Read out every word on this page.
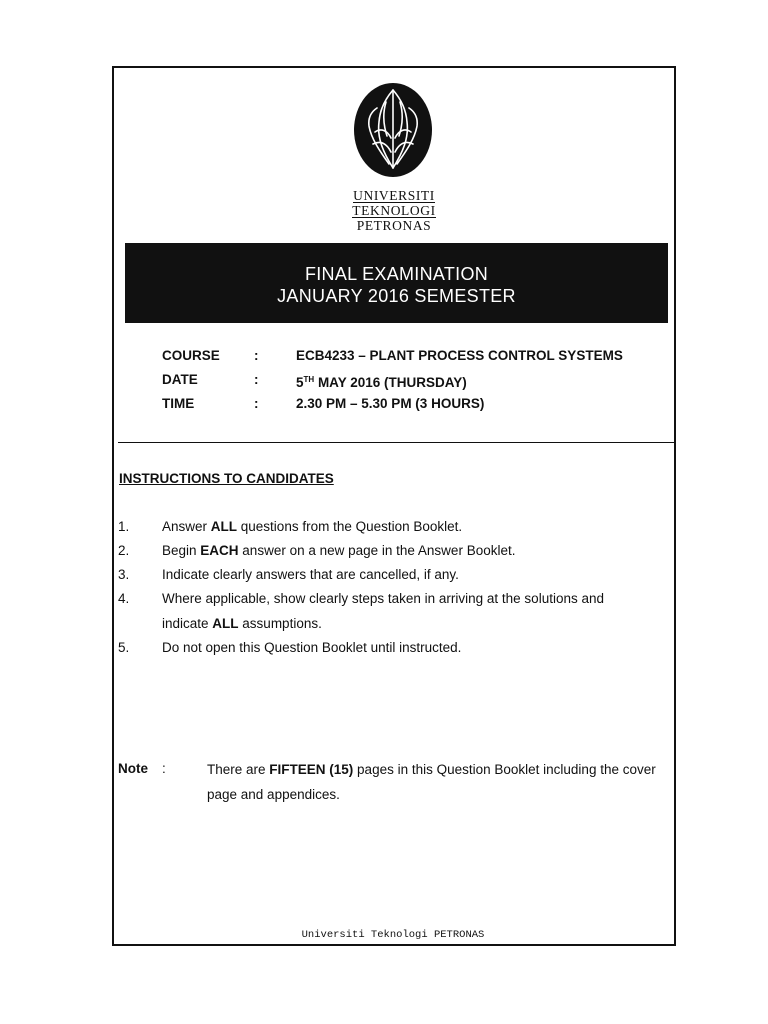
UNIVERSITI
TEKNOLOGI
PETRONAS
FINAL EXAMINATION
JANUARY 2016 SEMESTER
COURSE	:	ECB4233 – PLANT PROCESS CONTROL SYSTEMS
DATE	:	5TH MAY 2016 (THURSDAY)
TIME	:	2.30 PM – 5.30 PM (3 HOURS)
INSTRUCTIONS TO CANDIDATES
1. Answer ALL questions from the Question Booklet.
2. Begin EACH answer on a new page in the Answer Booklet.
3. Indicate clearly answers that are cancelled, if any.
4. Where applicable, show clearly steps taken in arriving at the solutions and
indicate ALL assumptions.
5. Do not open this Question Booklet until instructed.
Note :	There are FIFTEEN (15) pages in this Question Booklet including the cover page and appendices.
Universiti Teknologi PETRONAS
